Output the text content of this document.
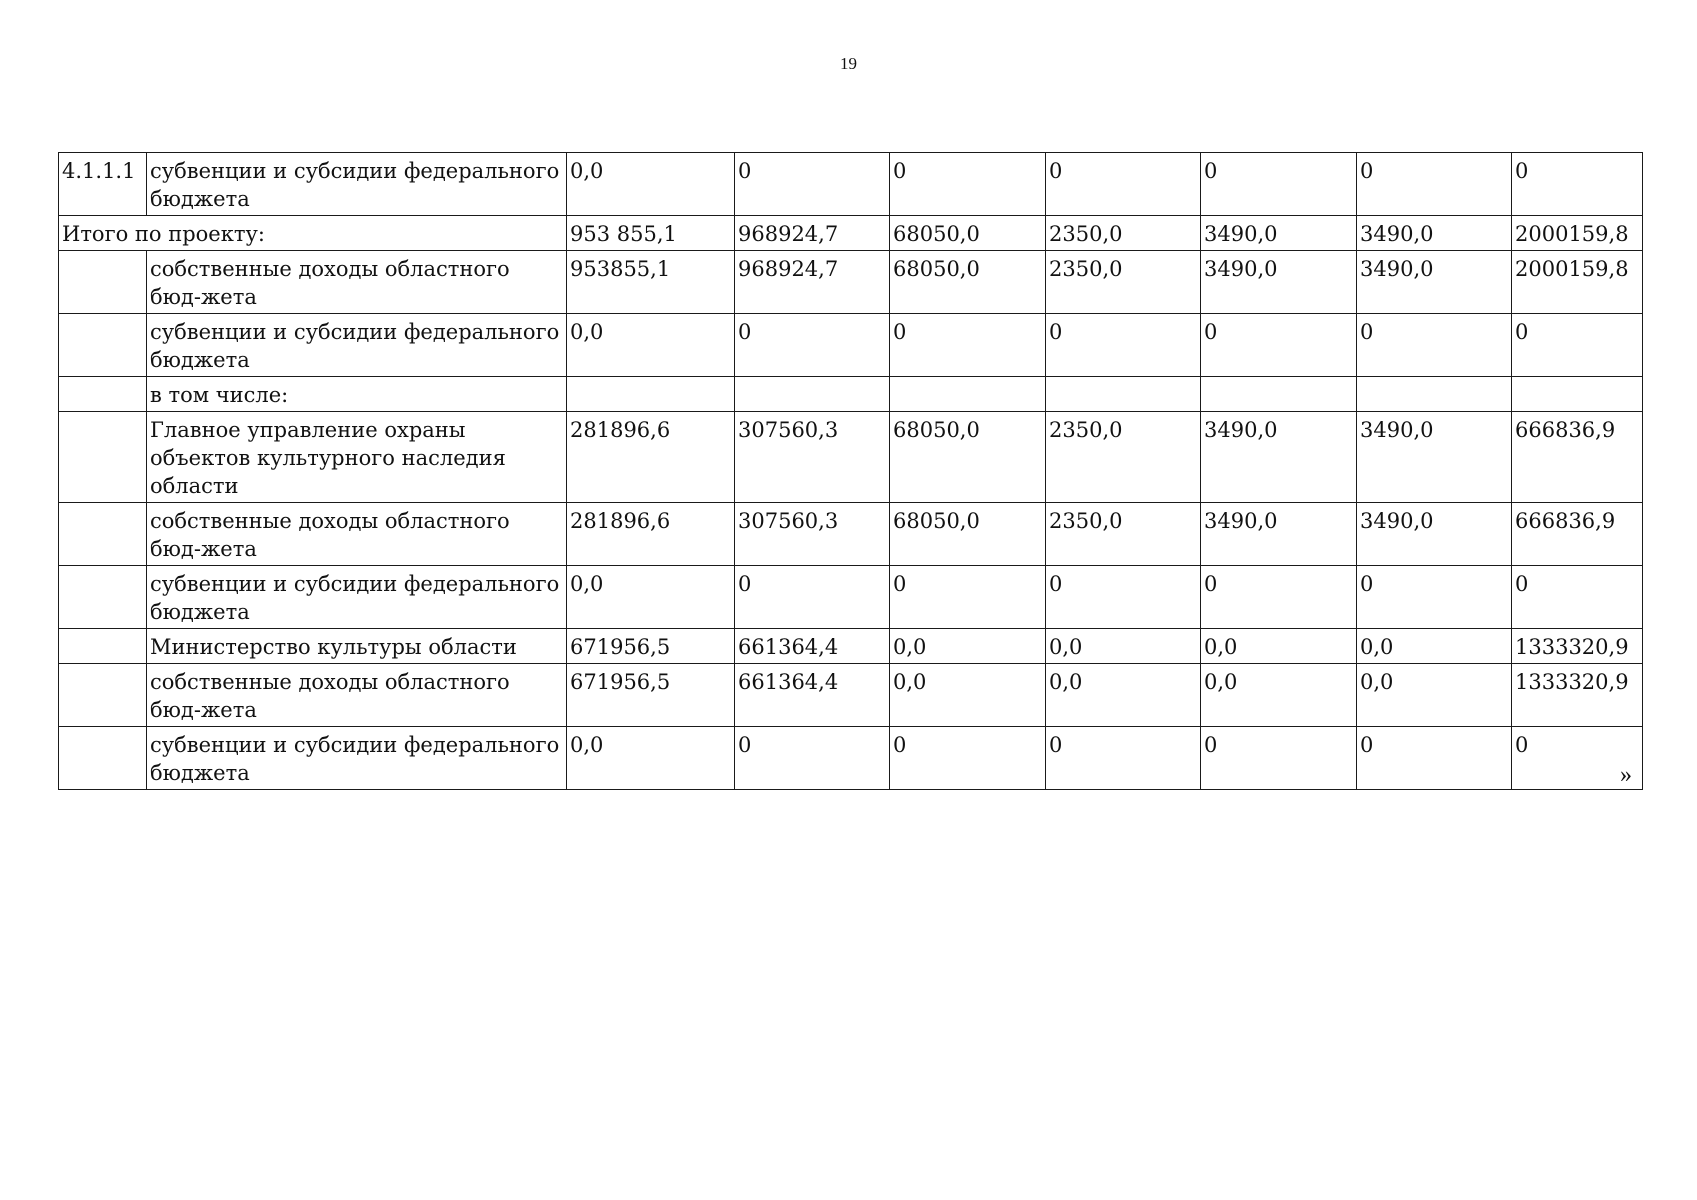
19
4.1.1.1	субвенции и субсидии федерального бюджета	0,0	0	0	0	0	0	0
Итого по проекту:		953 855,1	968924,7	68050,0	2350,0	3490,0	3490,0	2000159,8
	собственные доходы областного бюд-жета	953855,1	968924,7	68050,0	2350,0	3490,0	3490,0	2000159,8
	субвенции и субсидии федерального бюджета	0,0	0	0	0	0	0	0
	в том числе:							
	Главное управление охраны объектов культурного наследия области	281896,6	307560,3	68050,0	2350,0	3490,0	3490,0	666836,9
	собственные доходы областного бюд-жета	281896,6	307560,3	68050,0	2350,0	3490,0	3490,0	666836,9
	субвенции и субсидии федерального бюджета	0,0	0	0	0	0	0	0
	Министерство культуры области	671956,5	661364,4	0,0	0,0	0,0	0,0	1333320,9
	собственные доходы областного бюд-жета	671956,5	661364,4	0,0	0,0	0,0	0,0	1333320,9
	субвенции и субсидии федерального бюджета	0,0	0	0	0	0	0	0
»
